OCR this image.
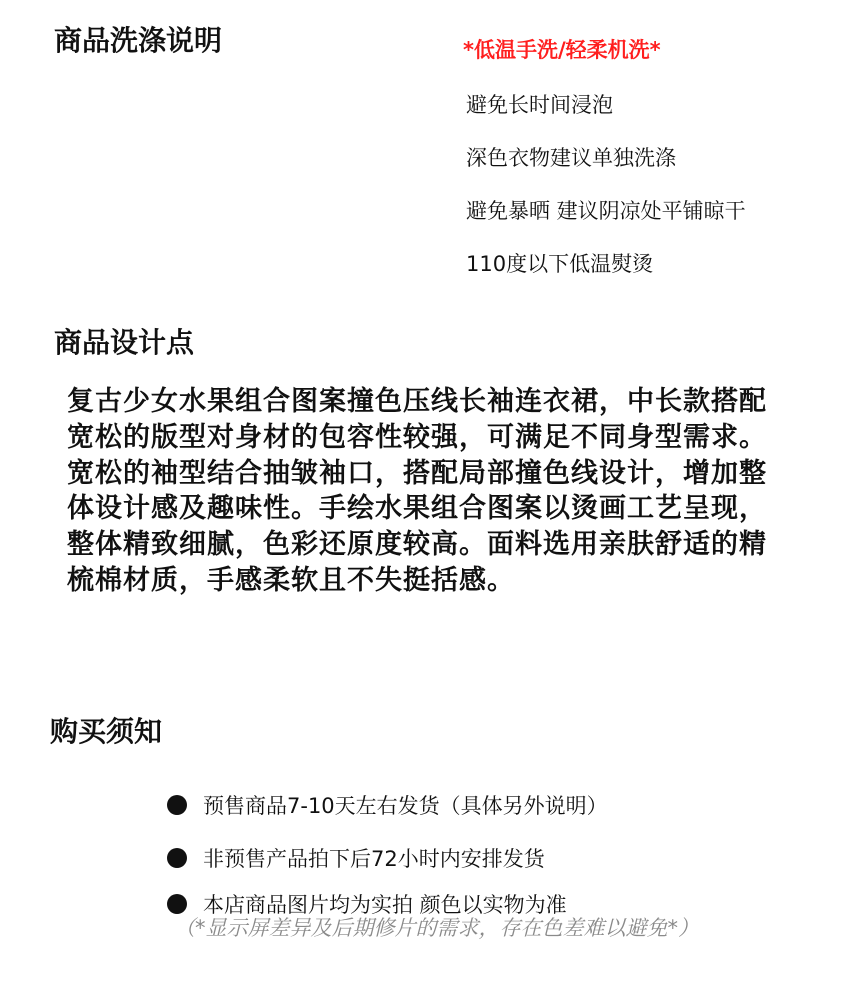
商品洗涤说明	*低温手洗/轻柔机洗*
避免长时间浸泡
深色衣物建议单独洗涤
避免暴晒 建议阴凉处平铺晾干
110度以下低温熨烫
商品设计点

复古少女水果组合图案撞色压线长袖连衣裙，中长款搭配宽松的版型对身材的包容性较强，可满足不同身型需求。宽松的袖型结合抽皱袖口，搭配局部撞色线设计，增加整体设计感及趣味性。手绘水果组合图案以烫画工艺呈现，整体精致细腻，色彩还原度较高。面料选用亲肤舒适的精梳棉材质，手感柔软且不失挺括感。

购买须知
预售商品7-10天左右发货（具体另外说明）
非预售产品拍下后72小时内安排发货
本店商品图片均为实拍 颜色以实物为准

（*显示屏差异及后期修片的需求，存在色差难以避免*）
